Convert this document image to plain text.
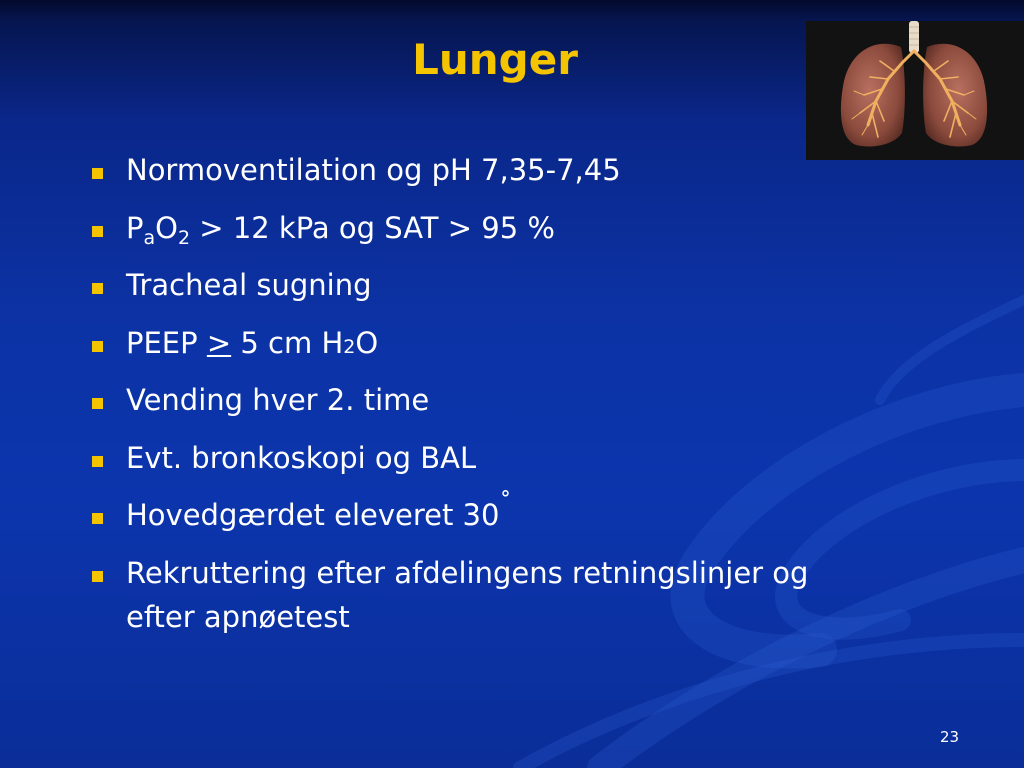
Lunger
Normoventilation og pH 7,35-7,45
$P_aO_2 > 12$ kPa og SAT > 95 %
Tracheal sugning
PEEP > 5 cm H2O
Vending hver 2. time
Evt. bronkoskopi og BAL
Hovedgærdet eleveret 30˚
Rekruttering efter afdelingens retningslinjer og
efter apnøetest
23
